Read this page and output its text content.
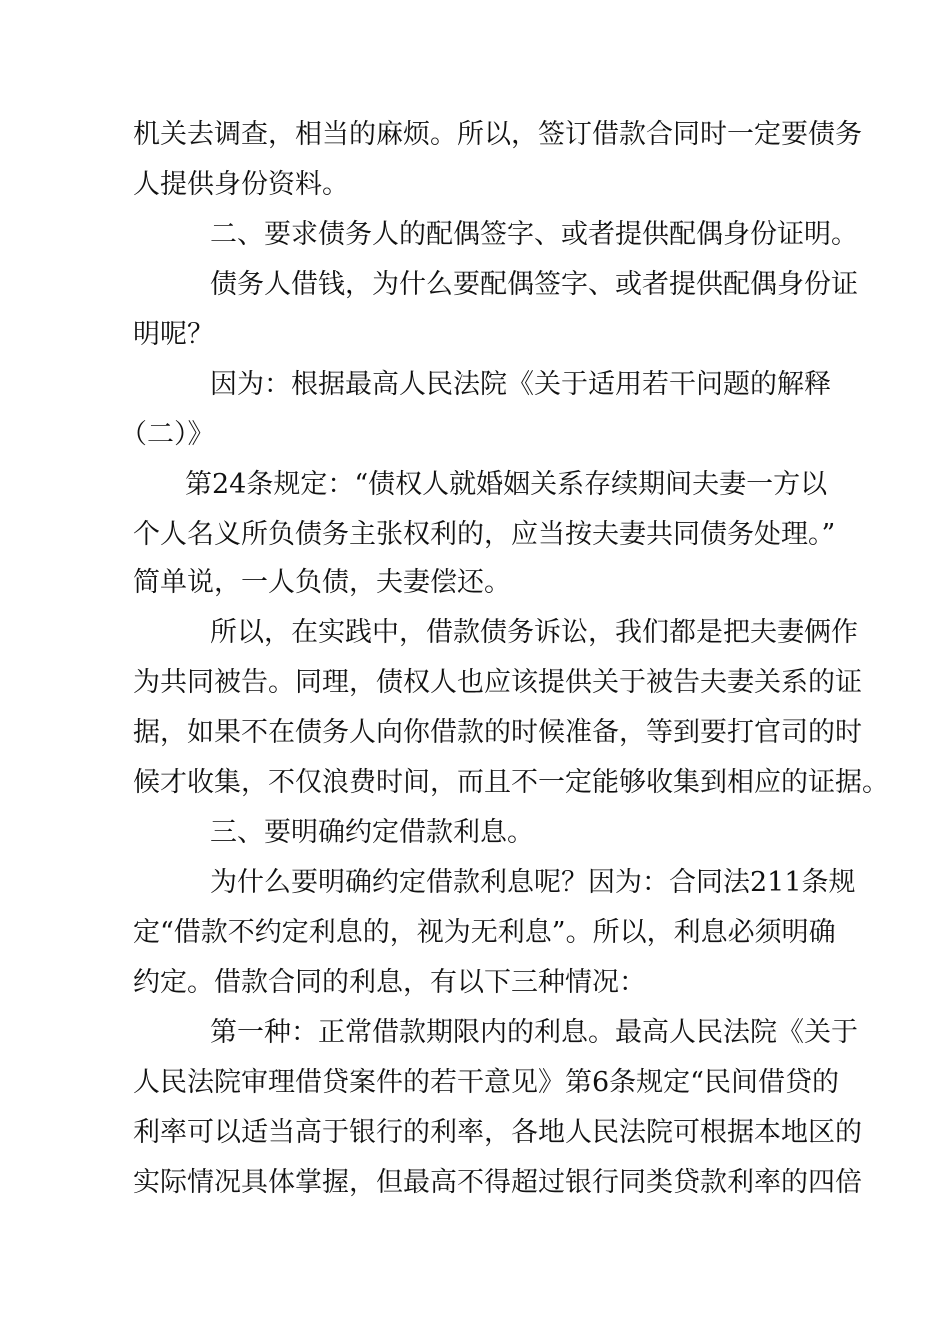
机关去调查，相当的麻烦。所以，签订借款合同时一定要债务
人提供身份资料。
二、要求债务人的配偶签字、或者提供配偶身份证明。
债务人借钱，为什么要配偶签字、或者提供配偶身份证
明呢？
因为：根据最高人民法院《关于适用若干问题的解释
（二）》
第24条规定：“债权人就婚姻关系存续期间夫妻一方以
个人名义所负债务主张权利的，应当按夫妻共同债务处理。”
简单说，一人负债，夫妻偿还。
所以，在实践中，借款债务诉讼，我们都是把夫妻俩作
为共同被告。同理，债权人也应该提供关于被告夫妻关系的证
据，如果不在债务人向你借款的时候准备，等到要打官司的时
候才收集，不仅浪费时间，而且不一定能够收集到相应的证据。
三、要明确约定借款利息。
为什么要明确约定借款利息呢？因为：合同法211条规
定“借款不约定利息的，视为无利息”。所以，利息必须明确
约定。借款合同的利息，有以下三种情况：
第一种：正常借款期限内的利息。最高人民法院《关于
人民法院审理借贷案件的若干意见》第6条规定“民间借贷的
利率可以适当高于银行的利率，各地人民法院可根据本地区的
实际情况具体掌握，但最高不得超过银行同类贷款利率的四倍
